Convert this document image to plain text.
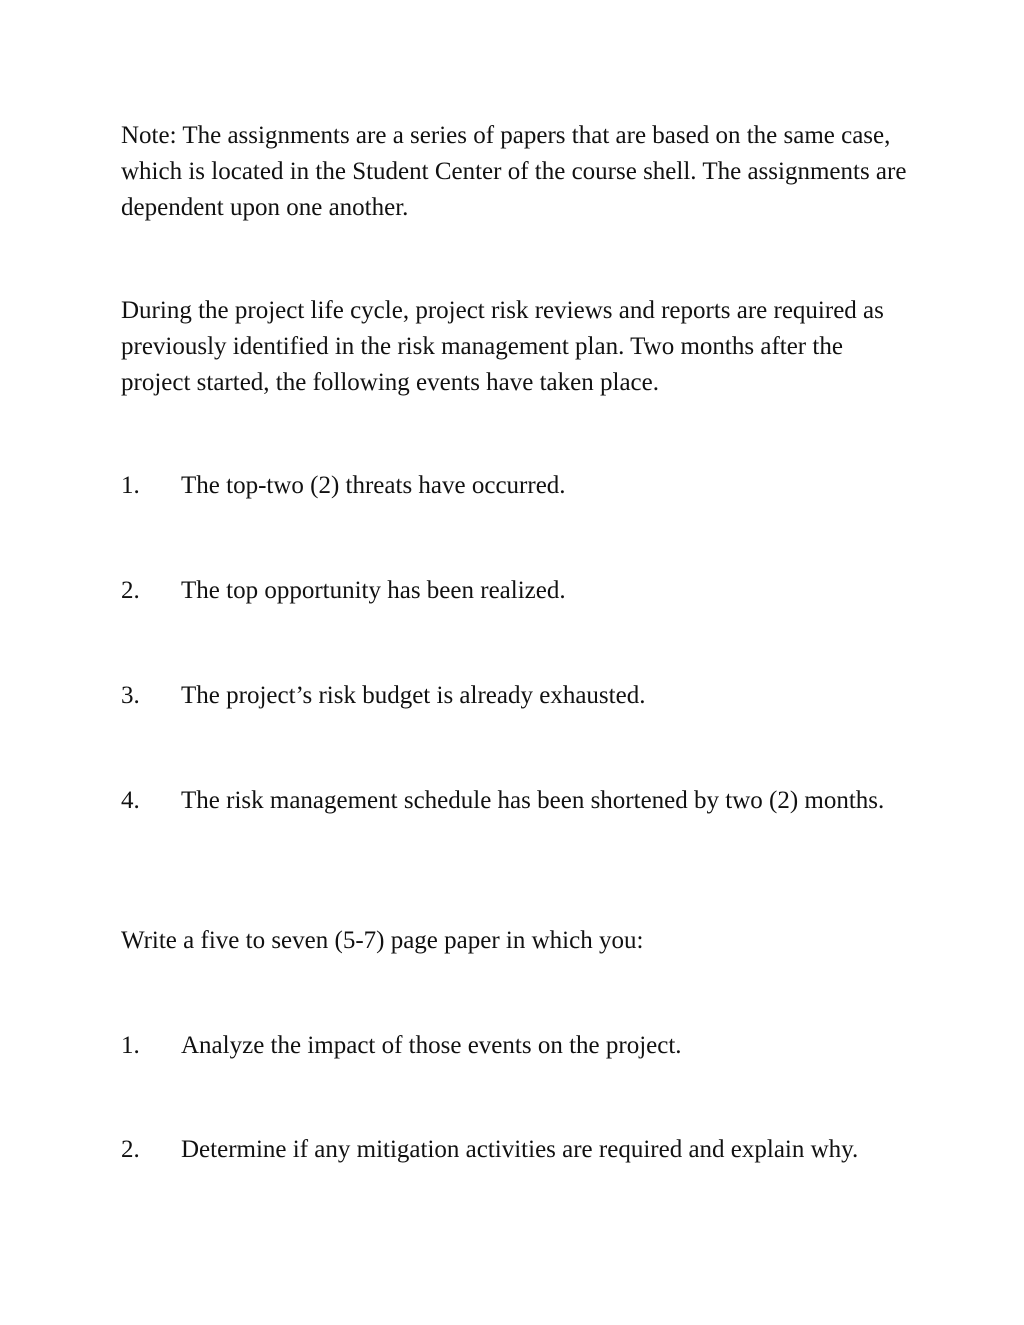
Note: The assignments are a series of papers that are based on the same case, which is located in the Student Center of the course shell. The assignments are dependent upon one another.

During the project life cycle, project risk reviews and reports are required as previously identified in the risk management plan. Two months after the project started, the following events have taken place.

1. The top-two (2) threats have occurred.

2. The top opportunity has been realized.

3. The project’s risk budget is already exhausted.

4. The risk management schedule has been shortened by two (2) months.

Write a five to seven (5-7) page paper in which you:

1. Analyze the impact of those events on the project.

2. Determine if any mitigation activities are required and explain why.
